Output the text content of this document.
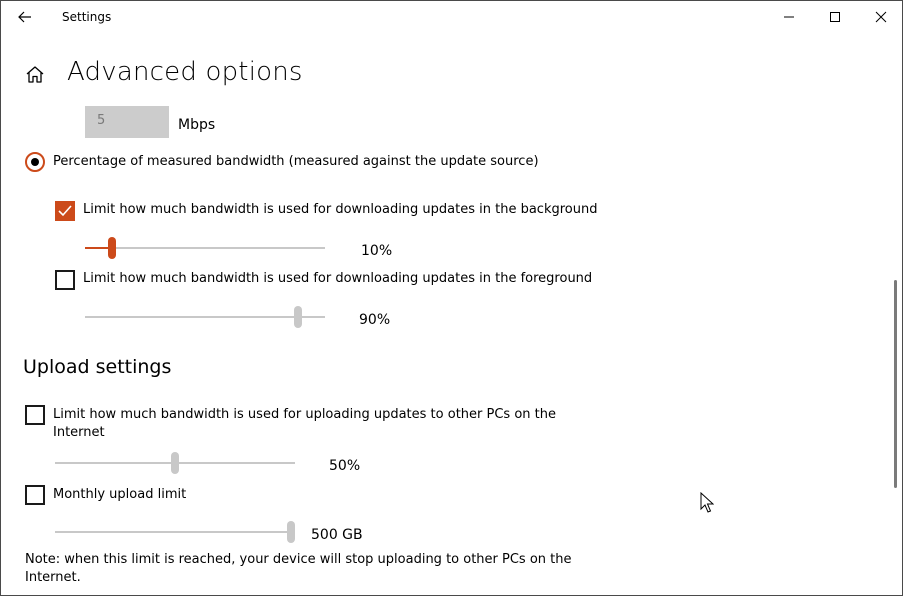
Settings
Advanced options
5	Mbps
Percentage of measured bandwidth (measured against the update source)
Limit how much bandwidth is used for downloading updates in the background
10%
Limit how much bandwidth is used for downloading updates in the foreground
90%
Upload settings
Limit how much bandwidth is used for uploading updates to other PCs on the
Internet
50%
Monthly upload limit
500 GB
Note: when this limit is reached, your device will stop uploading to other PCs on the
Internet.
